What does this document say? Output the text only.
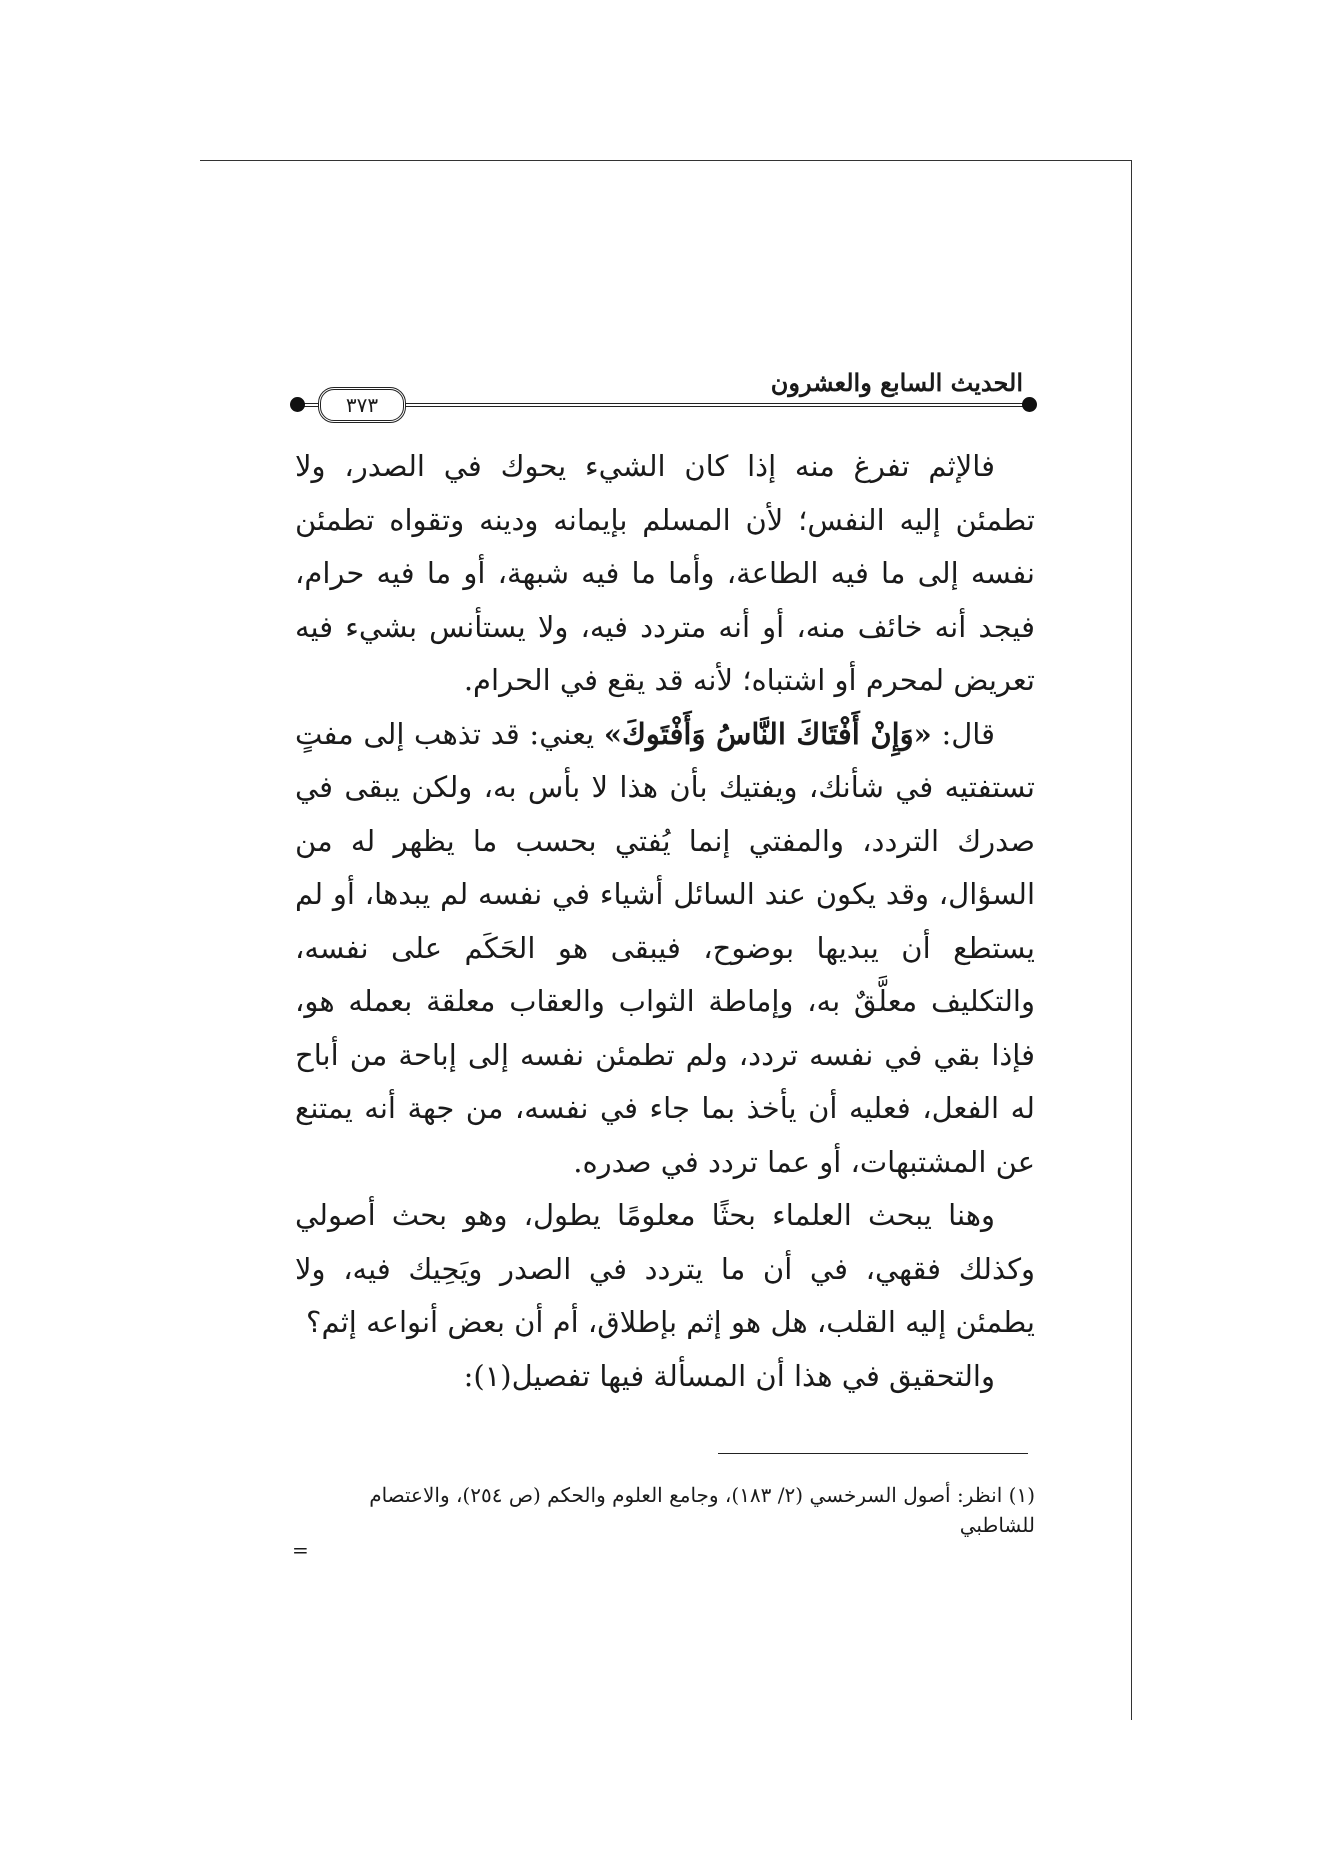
الحديث السابع والعشرون
٣٧٣

فالإثم تفرغ منه إذا كان الشيء يحوك في الصدر، ولا تطمئن إليه النفس؛ لأن المسلم بإيمانه ودينه وتقواه تطمئن نفسه إلى ما فيه الطاعة، وأما ما فيه شبهة، أو ما فيه حرام، فيجد أنه خائف منه، أو أنه متردد فيه، ولا يستأنس بشيء فيه تعريض لمحرم أو اشتباه؛ لأنه قد يقع في الحرام.

قال: «وَإِنْ أَفْتَاكَ النَّاسُ وَأَفْتَوكَ» يعني: قد تذهب إلى مفتٍ تستفتيه في شأنك، ويفتيك بأن هذا لا بأس به، ولكن يبقى في صدرك التردد، والمفتي إنما يُفتي بحسب ما يظهر له من السؤال، وقد يكون عند السائل أشياء في نفسه لم يبدها، أو لم يستطع أن يبديها بوضوح، فيبقى هو الحَكَم على نفسه، والتكليف معلَّقٌ به، وإماطة الثواب والعقاب معلقة بعمله هو، فإذا بقي في نفسه تردد، ولم تطمئن نفسه إلى إباحة من أباح له الفعل، فعليه أن يأخذ بما جاء في نفسه، من جهة أنه يمتنع عن المشتبهات، أو عما تردد في صدره.

وهنا يبحث العلماء بحثًا معلومًا يطول، وهو بحث أصولي وكذلك فقهي، في أن ما يتردد في الصدر ويَحِيك فيه، ولا يطمئن إليه القلب، هل هو إثم بإطلاق، أم أن بعض أنواعه إثم؟

والتحقيق في هذا أن المسألة فيها تفصيل(١):

(١) انظر: أصول السرخسي (٢/ ١٨٣)، وجامع العلوم والحكم (ص ٢٥٤)، والاعتصام للشاطبي
=
